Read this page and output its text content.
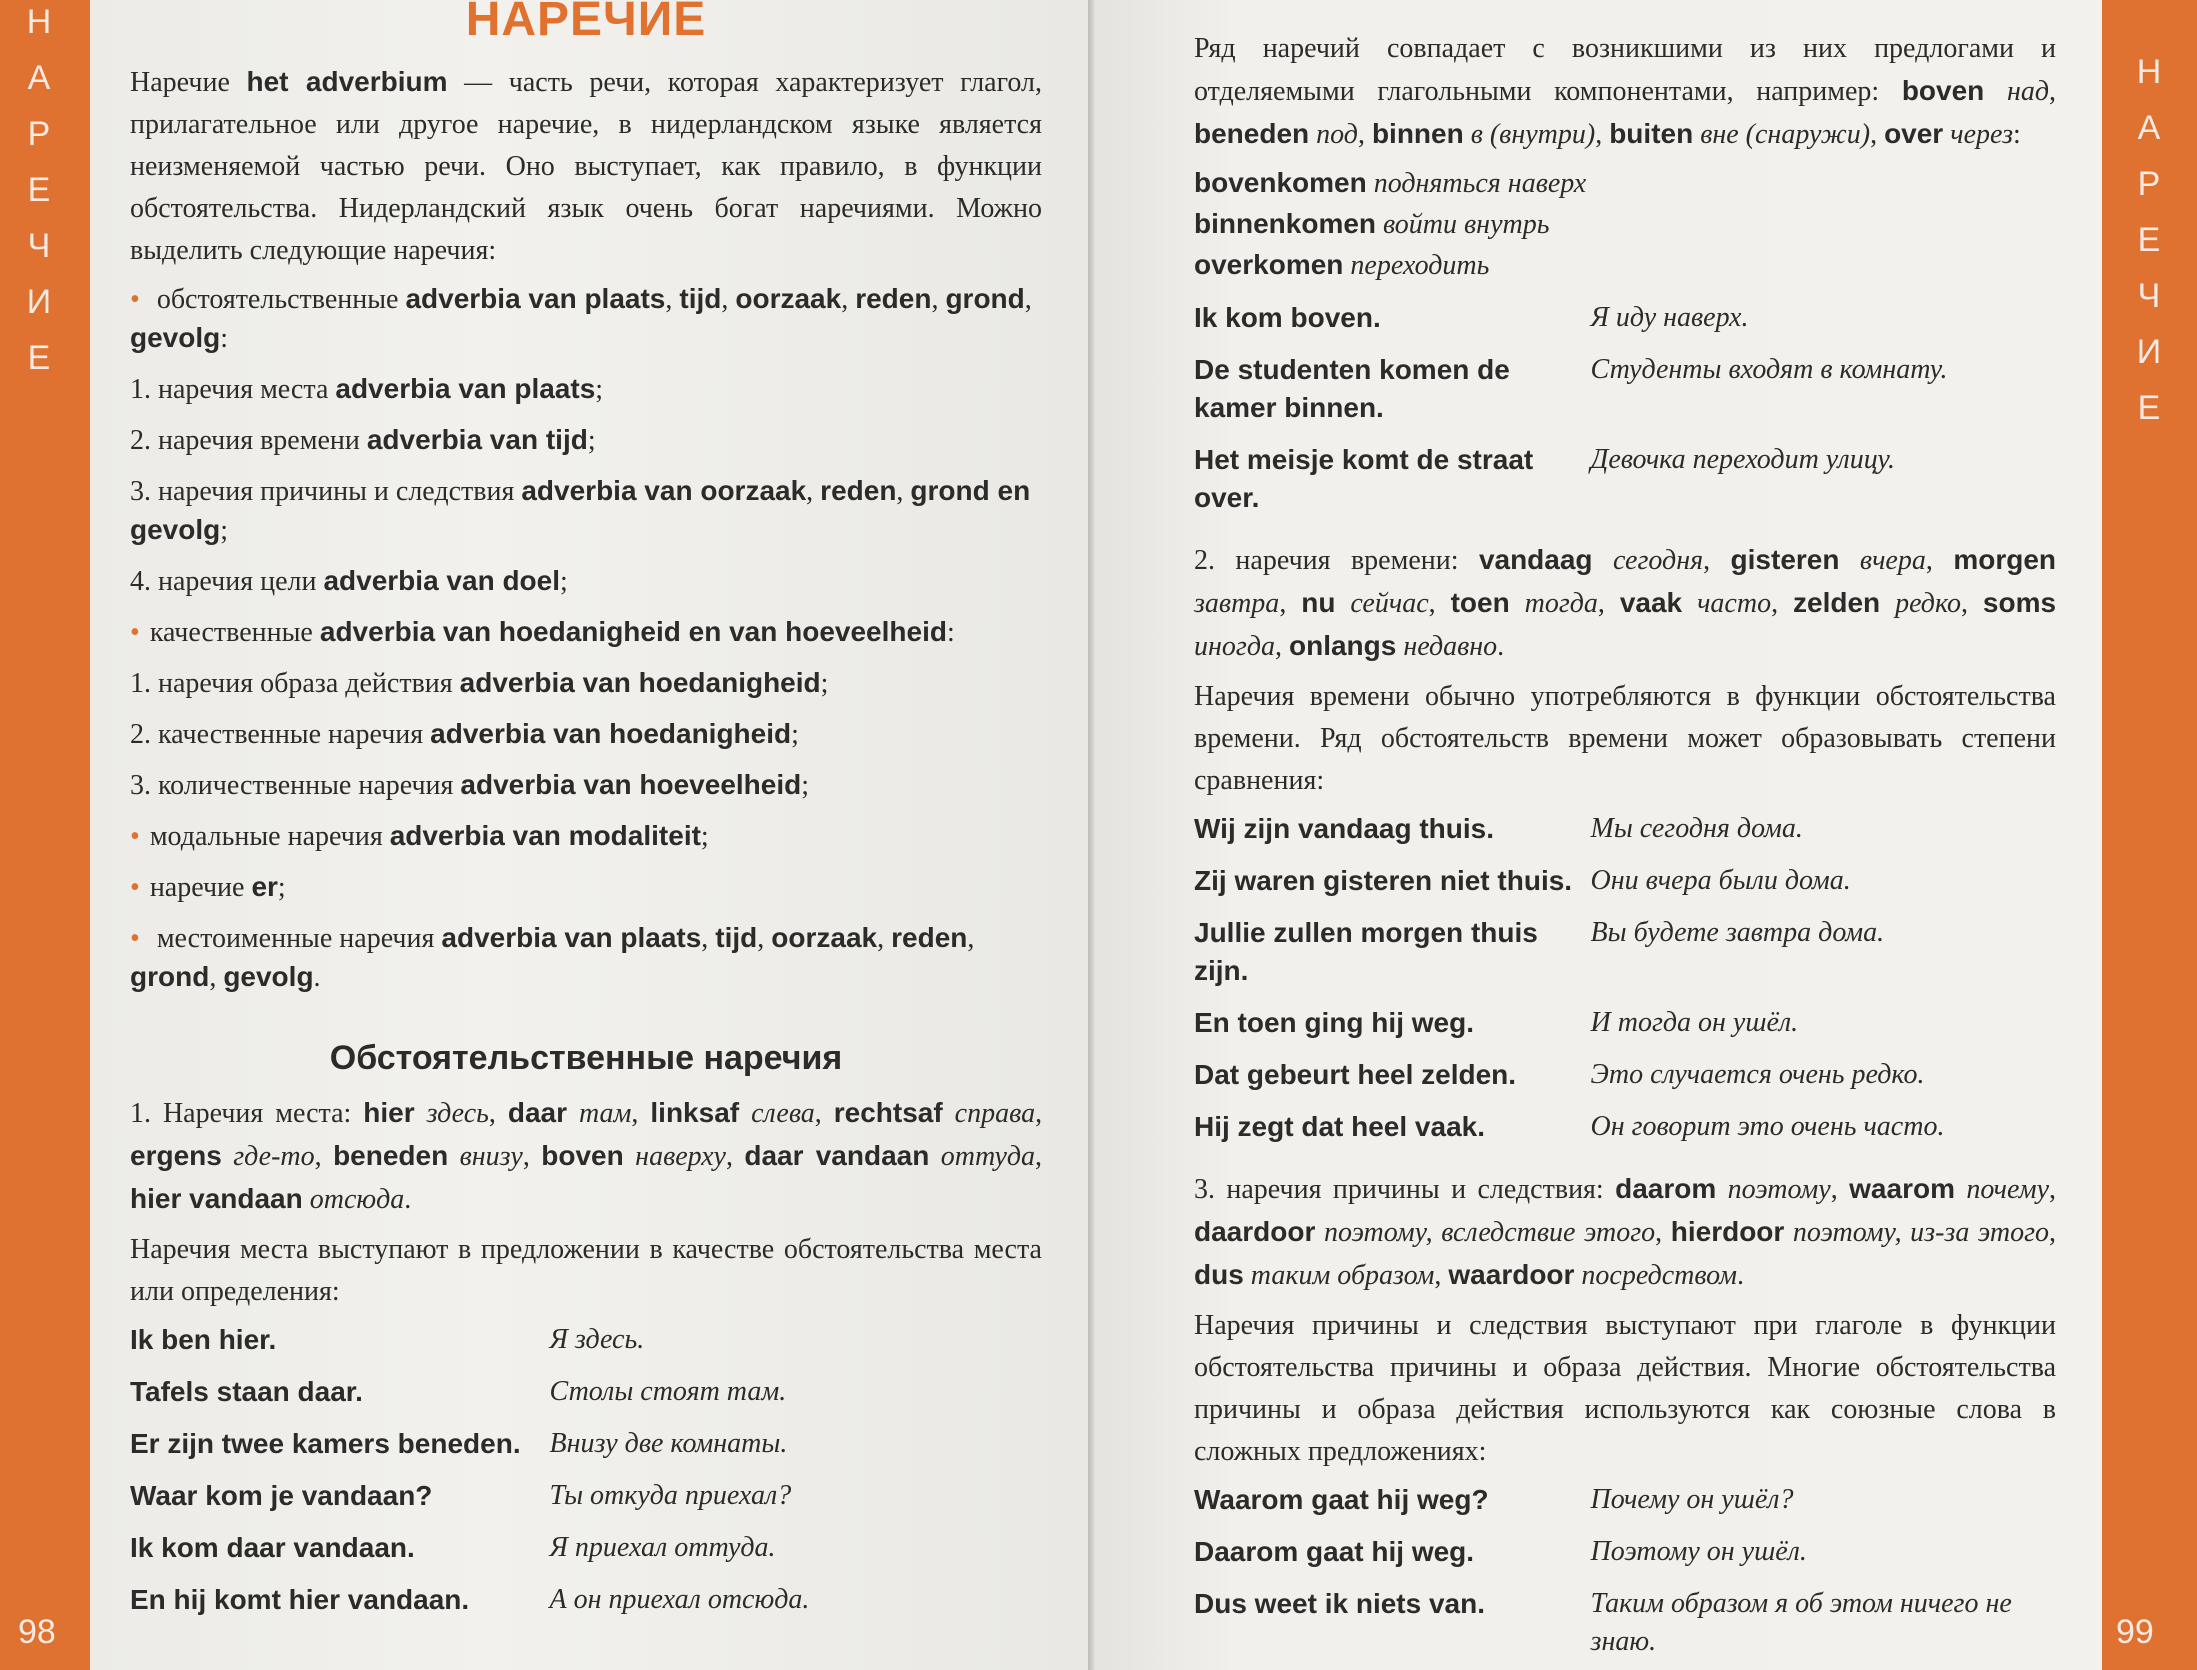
Н
А
Р
Е
Ч
И
Е
98
Н
А
Р
Е
Ч
И
Е
99
НАРЕЧИЕ

Наречие het adverbium — часть речи, которая характеризует глагол, прилагательное или другое наречие, в нидерландском языке является неизменяемой частью речи. Оно выступает, как правило, в функции обстоятельства. Нидерландский язык очень богат наречиями. Можно выделить следующие наречия:

• обстоятельственные adverbia van plaats, tijd, oorzaak, reden, grond, gevolg:
1. наречия места adverbia van plaats;
2. наречия времени adverbia van tijd;
3. наречия причины и следствия adverbia van oorzaak, reden, grond en gevolg;
4. наречия цели adverbia van doel;
• качественные adverbia van hoedanigheid en van hoeveelheid:
1. наречия образа действия adverbia van hoedanigheid;
2. качественные наречия adverbia van hoedanigheid;
3. количественные наречия adverbia van hoeveelheid;
• модальные наречия adverbia van modaliteit;
• наречие er;
• местоименные наречия adverbia van plaats, tijd, oorzaak, reden, grond, gevolg.
Обстоятельственные наречия

1. Наречия места: hier здесь, daar там, linksaf слева, rechtsaf справа, ergens где-то, beneden внизу, boven наверху, daar vandaan оттуда, hier vandaan отсюда.

Наречия места выступают в предложении в качестве обстоятельства места или определения:

Ik ben hier.	Я здесь.
Tafels staan daar.	Столы стоят там.
Er zijn twee kamers beneden.	Внизу две комнаты.
Waar kom je vandaan?	Ты откуда приехал?
Ik kom daar vandaan.	Я приехал оттуда.
En hij komt hier vandaan.	А он приехал отсюда.

Ряд наречий совпадает с возникшими из них предлогами и отделяемыми глагольными компонентами, например: boven над, beneden под, binnen в (внутри), buiten вне (снаружи), over через:

bovenkomen подняться наверх
binnenkomen войти внутрь
overkomen переходить
Ik kom boven.	Я иду наверх.
De studenten komen de kamer binnen.	Студенты входят в комнату.
Het meisje komt de straat over.	Девочка переходит улицу.

2. наречия времени: vandaag сегодня, gisteren вчера, morgen завтра, nu сейчас, toen тогда, vaak часто, zelden редко, soms иногда, onlangs недавно.

Наречия времени обычно употребляются в функции обстоятельства времени. Ряд обстоятельств времени может образовывать степени сравнения:

Wij zijn vandaag thuis.	Мы сегодня дома.
Zij waren gisteren niet thuis.	Они вчера были дома.
Jullie zullen morgen thuis zijn.	Вы будете завтра дома.
En toen ging hij weg.	И тогда он ушёл.
Dat gebeurt heel zelden.	Это случается очень редко.
Hij zegt dat heel vaak.	Он говорит это очень часто.

3. наречия причины и следствия: daarom поэтому, waarom почему, daardoor поэтому, вследствие этого, hierdoor поэтому, из-за этого, dus таким образом, waardoor посредством.

Наречия причины и следствия выступают при глаголе в функции обстоятельства причины и образа действия. Многие обстоятельства причины и образа действия используются как союзные слова в сложных предложениях:

Waarom gaat hij weg?	Почему он ушёл?
Daarom gaat hij weg.	Поэтому он ушёл.
Dus weet ik niets van.	Таким образом я об этом ничего не знаю.
